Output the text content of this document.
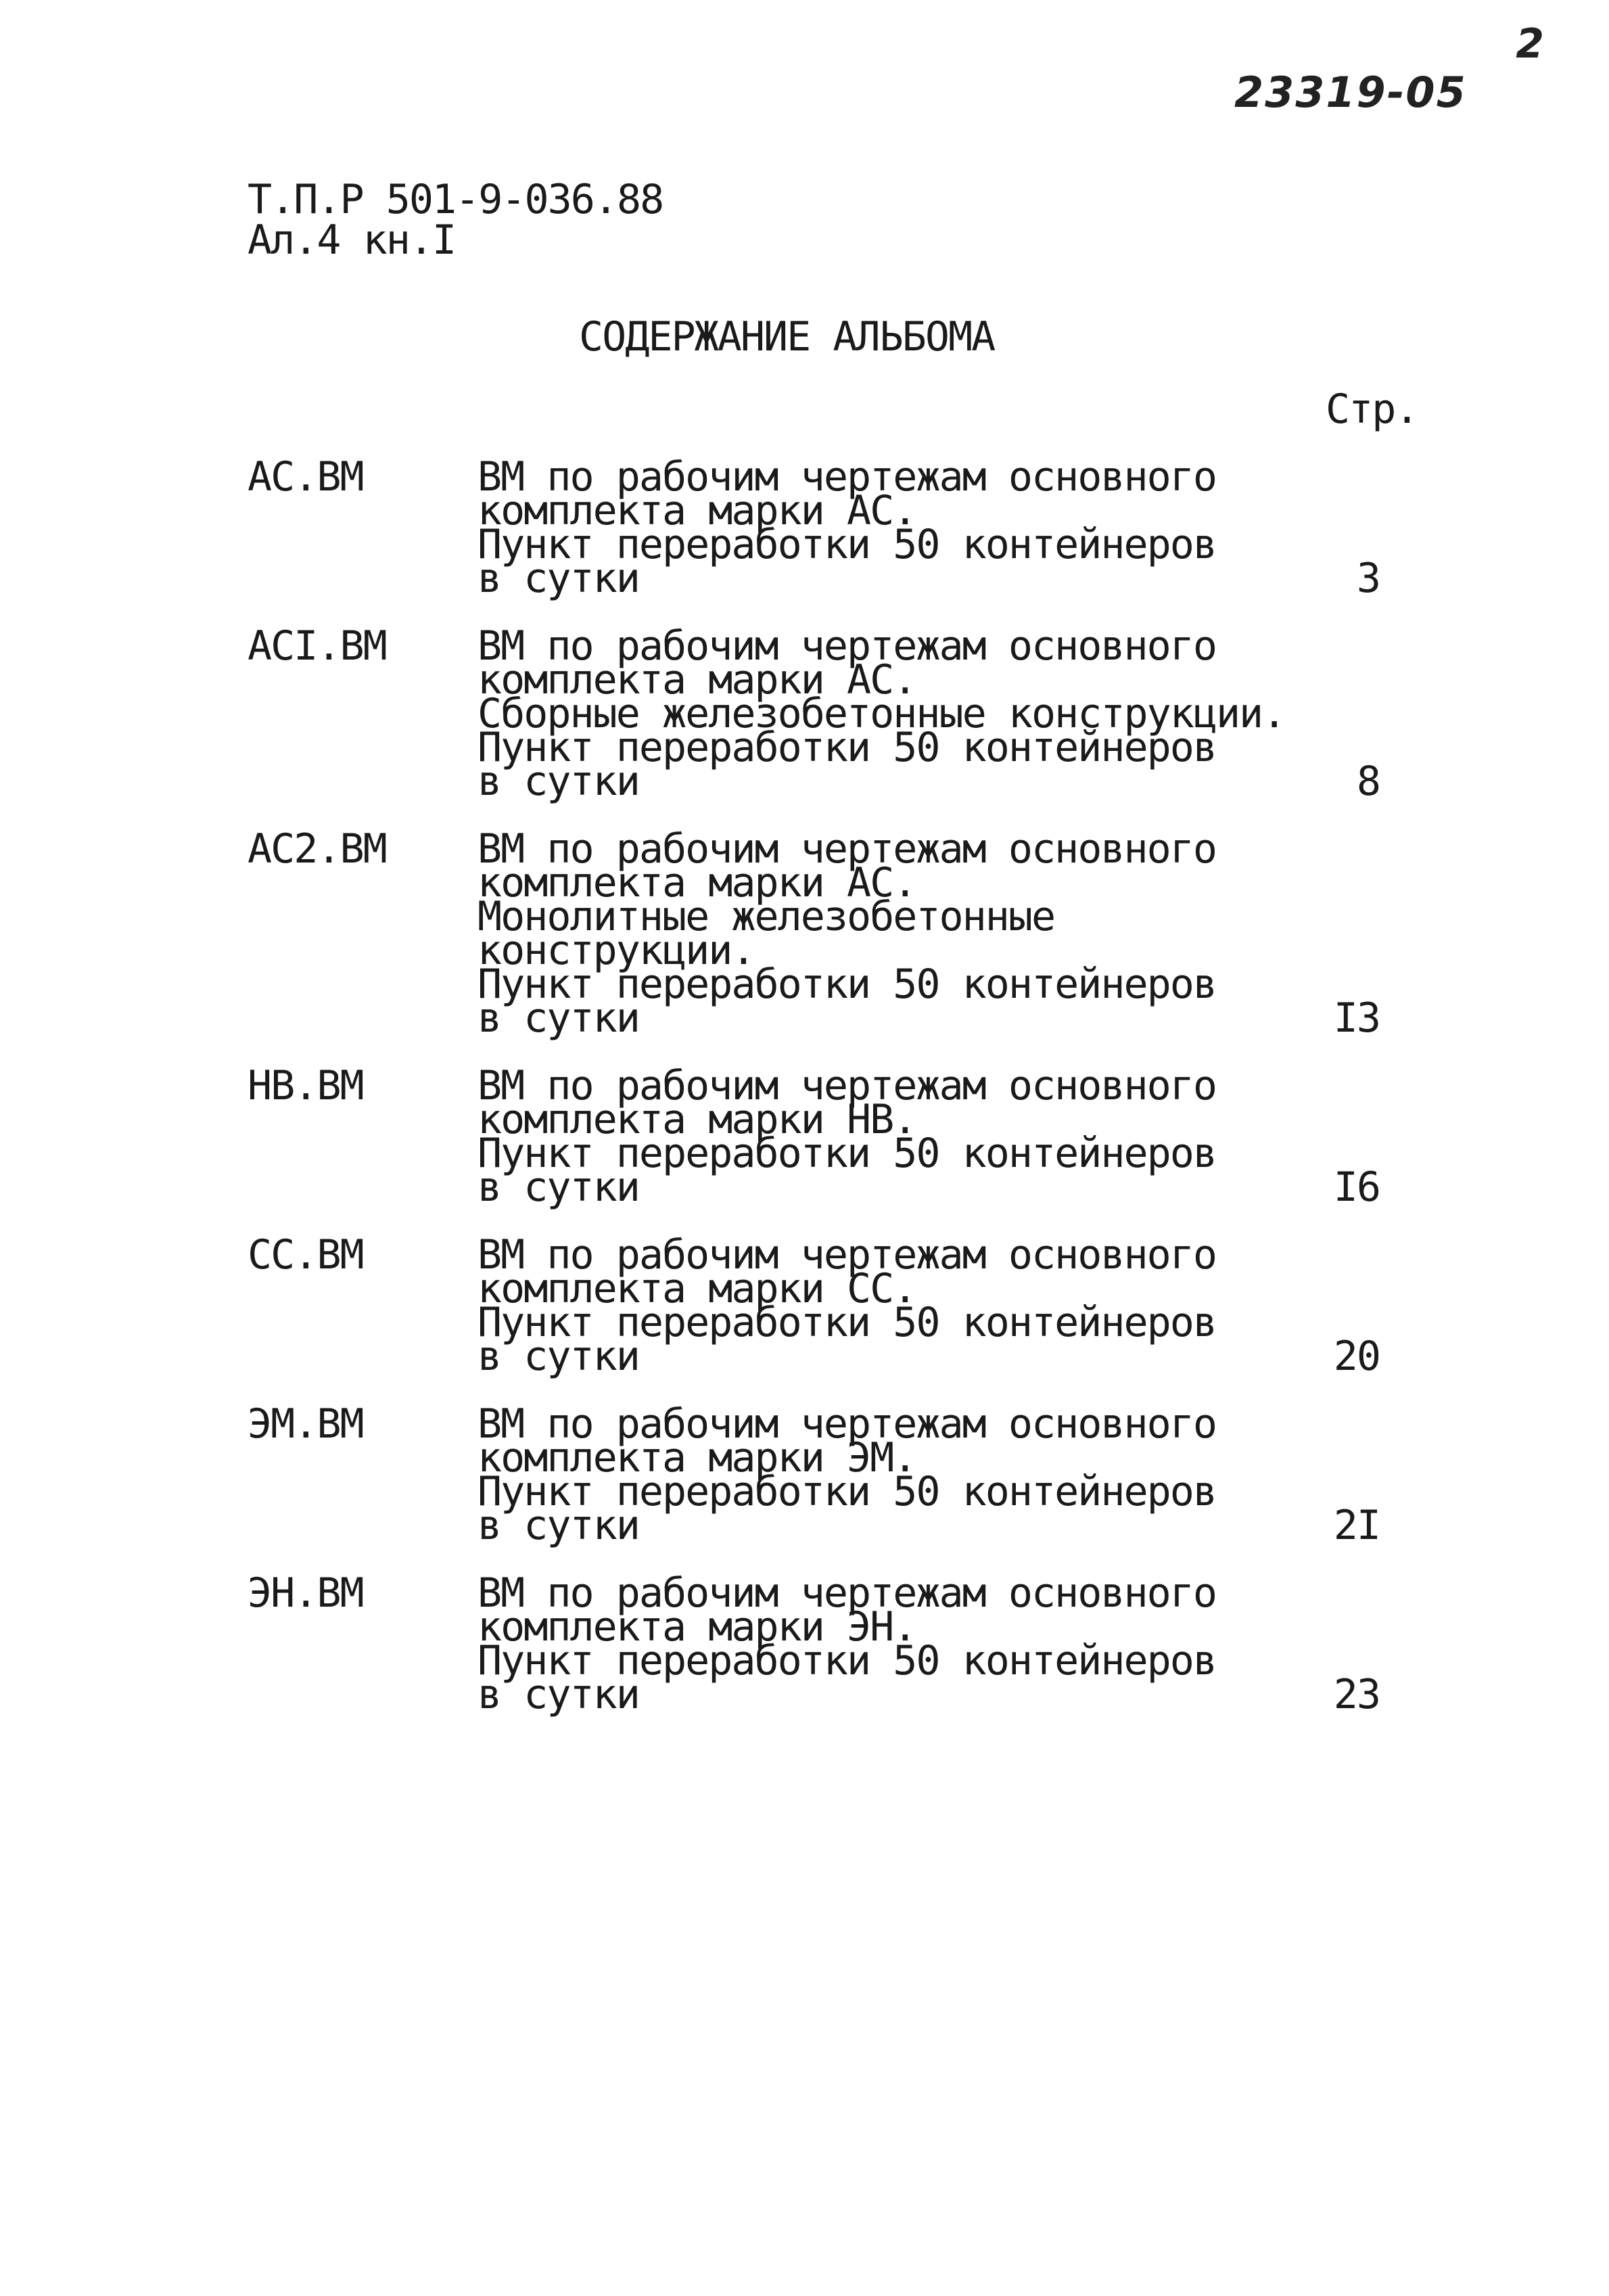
2
23319-05
Т.П.Р 501-9-036.88
Ал.4 кн.I
СОДЕРЖАНИЕ АЛЬБОМА
Стр.
АС.ВМ	ВМ по рабочим чертежам основного
комплекта марки АС.
Пункт переработки 50 контейнеров
в сутки	3
АСI.ВМ ВМ по рабочим чертежам основного
комплекта марки АС.
Сборные железобетонные конструкции.
Пункт переработки 50 контейнеров
в сутки	8
АС2.ВМ ВМ по рабочим чертежам основного
комплекта марки АС.
Монолитные железобетонные
конструкции.
Пункт переработки 50 контейнеров
в сутки	I3
НВ.ВМ	ВМ по рабочим чертежам основного
комплекта марки НВ.
Пункт переработки 50 контейнеров
в сутки	I6
СС.ВМ	ВМ по рабочим чертежам основного
комплекта марки СС.
Пункт переработки 50 контейнеров
в сутки	20
ЭМ.ВМ	ВМ по рабочим чертежам основного
комплекта марки ЭМ.
Пункт переработки 50 контейнеров
в сутки	2I
ЭН.ВМ	ВМ по рабочим чертежам основного
комплекта марки ЭН.
Пункт переработки 50 контейнеров
в сутки	23
